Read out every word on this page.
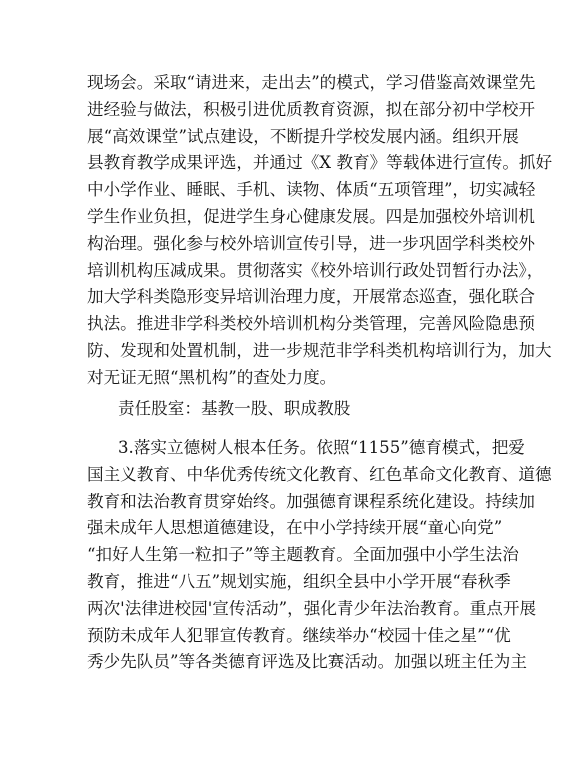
现场会。采取“请进来，走出去”的模式，学习借鉴高效课堂先
进经验与做法，积极引进优质教育资源，拟在部分初中学校开
展“高效课堂”试点建设，不断提升学校发展内涵。组织开展
县教育教学成果评选，并通过《X 教育》等载体进行宣传。抓好
中小学作业、睡眠、手机、读物、体质“五项管理”，切实减轻
学生作业负担，促进学生身心健康发展。四是加强校外培训机
构治理。强化参与校外培训宣传引导，进一步巩固学科类校外
培训机构压减成果。贯彻落实《校外培训行政处罚暂行办法》，
加大学科类隐形变异培训治理力度，开展常态巡查，强化联合
执法。推进非学科类校外培训机构分类管理，完善风险隐患预
防、发现和处置机制，进一步规范非学科类机构培训行为，加大
对无证无照“黑机构”的查处力度。
责任股室：基教一股、职成教股
3.落实立德树人根本任务。依照“1155”德育模式，把爱
国主义教育、中华优秀传统文化教育、红色革命文化教育、道德
教育和法治教育贯穿始终。加强德育课程系统化建设。持续加
强未成年人思想道德建设，在中小学持续开展“童心向党”
“扣好人生第一粒扣子”等主题教育。全面加强中小学生法治
教育，推进“八五”规划实施，组织全县中小学开展“春秋季
两次'法律进校园'宣传活动”，强化青少年法治教育。重点开展
预防未成年人犯罪宣传教育。继续举办“校园十佳之星”“优
秀少先队员”等各类德育评选及比赛活动。加强以班主任为主
